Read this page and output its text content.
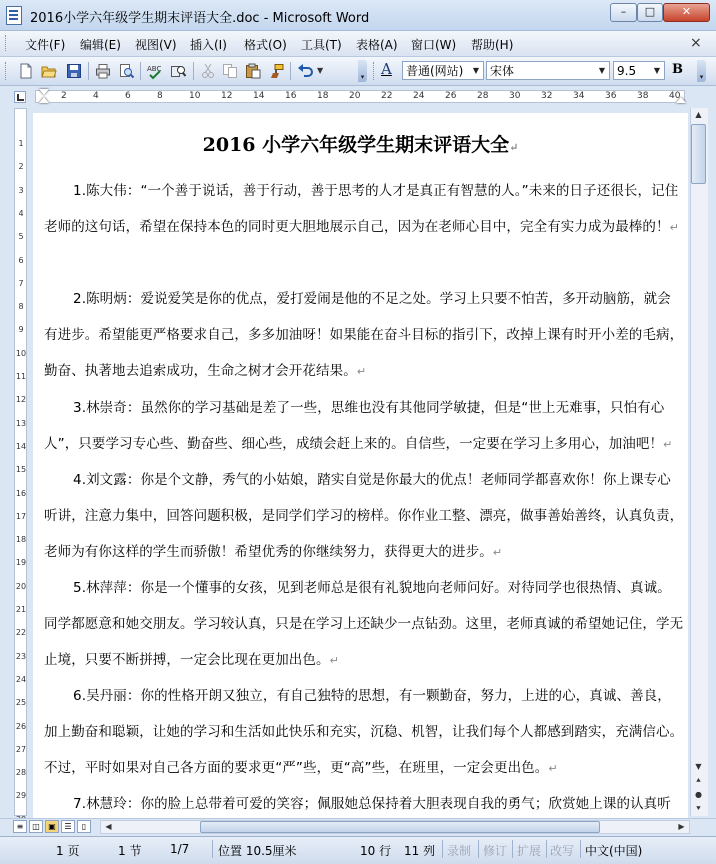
2016小学六年级学生期末评语大全.doc - Microsoft Word	–	□	✕
文件(F) 编辑(E) 视图(V) 插入(I) 格式(O) 工具(T) 表格(A) 窗口(W) 帮助(H)	×
ABC	▼
▾ A	普通(网站)	▼ 宋体	▼ 9.5	▼ B	▾
2	4	6	8	10 12 14 16 18 20 22 24 26 28 30 32 34 36 38 40
1
2
3
4
5
6
7
8
9
10
11
12
13
14
15
16
17
18
19
20
21
22
23
24
25
26
27
28
29
2016 小学六年级学生期末评语大全↵
1.陈大伟：“一个善于说话，善于行动，善于思考的人才是真正有智慧的人。”未来的日子还很长，记住老师的这句话，希望在保持本色的同时更大胆地展示自己，因为在老师心目中，完全有实力成为最棒的！↵
2.陈明炳：爱说爱笑是你的优点，爱打爱闹是他的不足之处。学习上只要不怕苦，多开动脑筋，就会有进步。希望能更严格要求自己，多多加油呀！如果能在奋斗目标的指引下，改掉上课有时开小差的毛病，勤奋、执著地去追索成功，生命之树才会开花结果。↵
3.林崇奇：虽然你的学习基础是差了一些，思维也没有其他同学敏捷，但是“世上无难事，只怕有心人”，只要学习专心些、勤奋些、细心些，成绩会赶上来的。自信些，一定要在学习上多用心，加油吧！↵
4.刘文露：你是个文静，秀气的小姑娘，踏实自觉是你最大的优点！老师同学都喜欢你！你上课专心听讲，注意力集中，回答问题积极，是同学们学习的榜样。你作业工整、漂亮，做事善始善终，认真负责，老师为有你这样的学生而骄傲！希望优秀的你继续努力，获得更大的进步。↵
5.林萍萍：你是一个懂事的女孩，见到老师总是很有礼貌地向老师问好。对待同学也很热情、真诚。同学都愿意和她交朋友。学习较认真，只是在学习上还缺少一点钻劲。这里，老师真诚的希望她记住，学无止境，只要不断拼搏，一定会比现在更加出色。↵
6.吴丹丽：你的性格开朗又独立，有自己独特的思想，有一颗勤奋，努力，上进的心，真诚、善良，加上勤奋和聪颖，让她的学习和生活如此快乐和充实，沉稳、机智，让我们每个人都感到踏实，充满信心。不过，平时如果对自己各方面的要求更“严”些，更“高”些，在班里，一定会更出色。↵
7.林慧玲：你的脸上总带着可爱的笑容；佩服她总保持着大胆表现自我的勇气；欣赏她上课的认真听
▲
▼
⯅
●
⯆
≡	◫	▣	☰	▯	◀	▶
1 页	1 节 1/7 位置 10.5厘米	10 行 11 列 录制 修订 扩展 改写 中文(中国)
